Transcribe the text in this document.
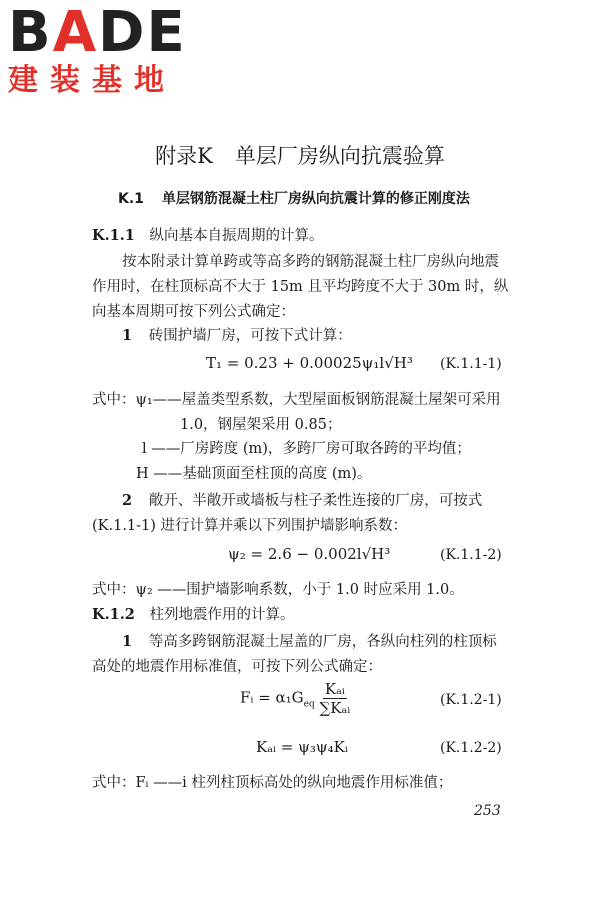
BADE
建装基地
附录K 单层厂房纵向抗震验算
K.1 单层钢筋混凝土柱厂房纵向抗震计算的修正刚度法
K.1.1 纵向基本自振周期的计算。
按本附录计算单跨或等高多跨的钢筋混凝土柱厂房纵向地震
作用时，在柱顶标高不大于 15m 且平均跨度不大于 30m 时，纵
向基本周期可按下列公式确定：
1 砖围护墙厂房，可按下式计算：
T₁ = 0.23 + 0.00025ψ₁l√H³ (K.1.1-1)
式中：ψ₁——屋盖类型系数，大型屋面板钢筋混凝土屋架可采用
1.0，钢屋架采用 0.85；
l ——厂房跨度 (m)，多跨厂房可取各跨的平均值；
H ——基础顶面至柱顶的高度 (m)。
2 敞开、半敞开或墙板与柱子柔性连接的厂房，可按式
(K.1.1-1) 进行计算并乘以下列围护墙影响系数：
ψ₂ = 2.6 − 0.002l√H³	(K.1.1-2)
式中：ψ₂ ——围护墙影响系数，小于 1.0 时应采用 1.0。
K.1.2 柱列地震作用的计算。
1 等高多跨钢筋混凝土屋盖的厂房，各纵向柱列的柱顶标
高处的地震作用标准值，可按下列公式确定：
Fᵢ = $\alpha_1G_{eq} \frac{\text{Kₐᵢ}}{\text{∑Kₐᵢ}}$	(K.1.2-1)
Kₐᵢ = ψ₃ψ₄Kᵢ	(K.1.2-2)
式中：Fᵢ ——i 柱列柱顶标高处的纵向地震作用标准值；
253
